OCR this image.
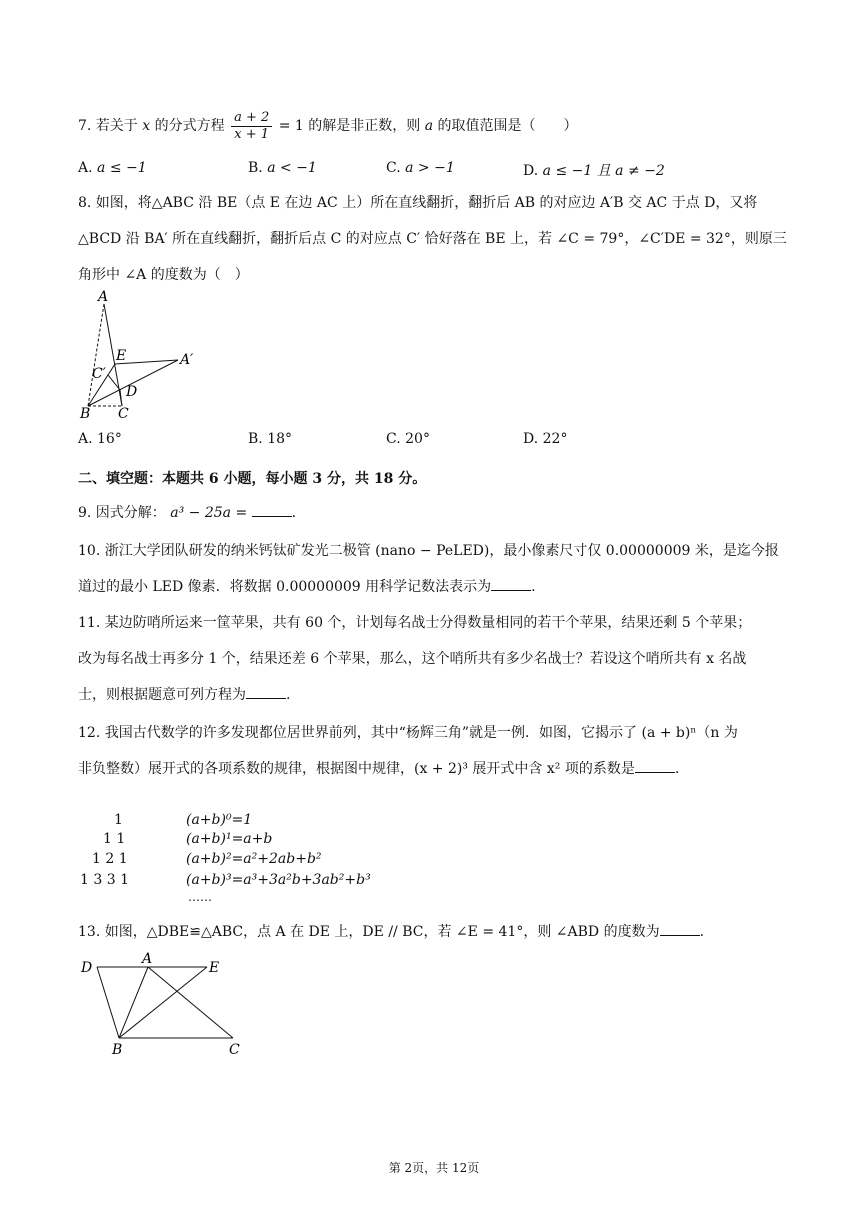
7. 若关于 x 的分式方程 $\frac{a + 2}{x + 1} = 1$ 的解是非正数，则 a 的取值范围是（　　）
A. a ≤ −1	B. a < −1	C. a > −1	D. a ≤ −1 且 a ≠ −2
8. 如图，将△ABC 沿 BE（点 E 在边 AC 上）所在直线翻折，翻折后 AB 的对应边 A′B 交 AC 于点 D，又将
△BCD 沿 BA′ 所在直线翻折，翻折后点 C 的对应点 C′ 恰好落在 BE 上，若 ∠C = 79°，∠C′DE = 32°，则原三
角形中 ∠A 的度数为（　）
A
E	A′
C′
D
B C
A. 16°	B. 18°	C. 20°	D. 22°
二、填空题：本题共 6 小题，每小题 3 分，共 18 分。
9. 因式分解： a³ − 25a =	.
10. 浙江大学团队研发的纳米钙钛矿发光二极管 (nano − PeLED)，最小像素尺寸仅 0.00000009 米，是迄今报
道过的最小 LED 像素．将数据 0.00000009 用科学记数法表示为	.
11. 某边防哨所运来一筐苹果，共有 60 个，计划每名战士分得数量相同的若干个苹果，结果还剩 5 个苹果；
改为每名战士再多分 1 个，结果还差 6 个苹果，那么，这个哨所共有多少名战士？若设这个哨所共有 x 名战
士，则根据题意可列方程为	.
12. 我国古代数学的许多发现都位居世界前列，其中“杨辉三角”就是一例．如图，它揭示了 (a + b)ⁿ（n 为
非负整数）展开式的各项系数的规律，根据图中规律，(x + 2)³ 展开式中含 x² 项的系数是	.
1	(a+b)⁰=1
1 1	(a+b)¹=a+b
1 2 1	(a+b)²=a²+2ab+b²
1 3 3 1	(a+b)³=a³+3a²b+3ab²+b³
……
13. 如图，△DBE≌△ABC，点 A 在 DE 上，DE // BC，若 ∠E = 41°，则 ∠ABD 的度数为	.
D
A
E
B	C
第 2页，共 12页
